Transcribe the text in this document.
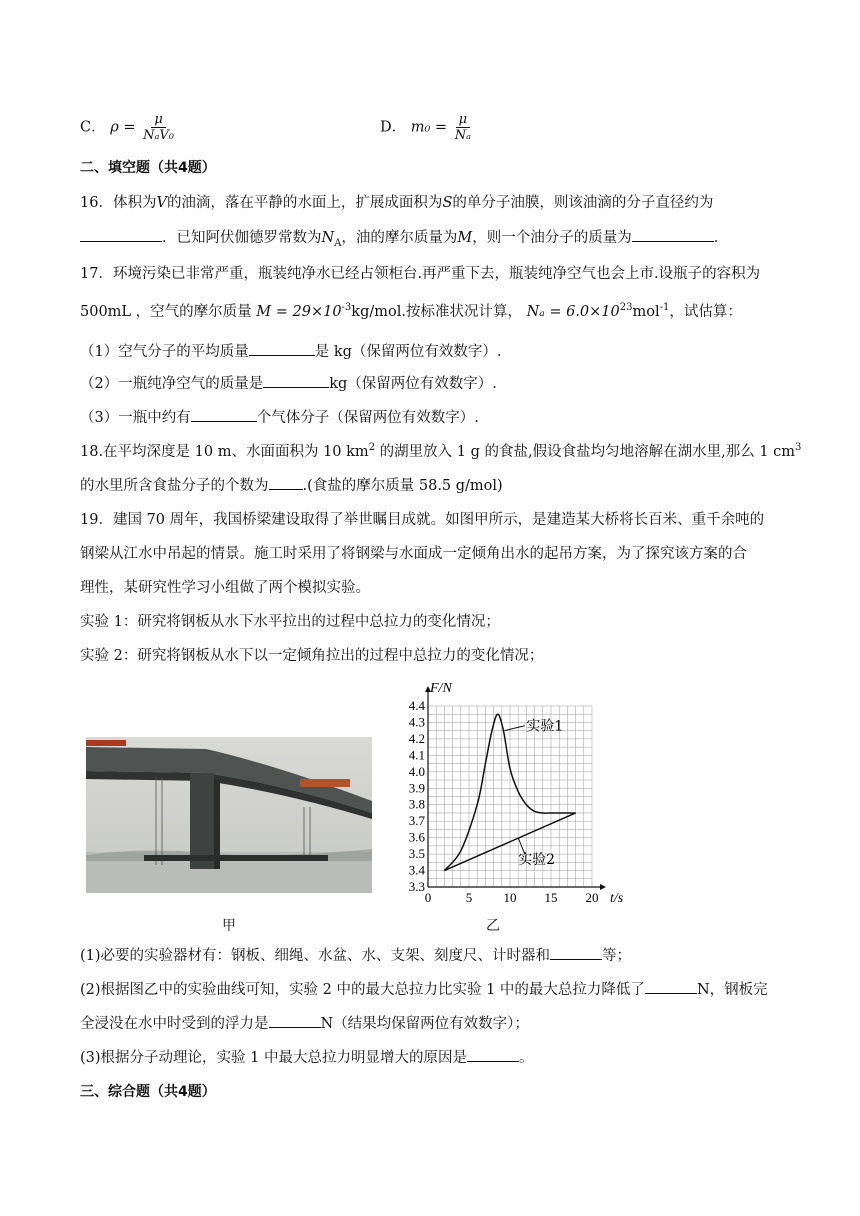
C． $\rho = \frac{\mu}{\text{NₐV₀}}$	D． $m_0 = \frac{\mu}{\text{Nₐ}}$
二、填空题（共4题）
16．体积为V的油滴，落在平静的水面上，扩展成面积为S的单分子油膜，则该油滴的分子直径约为
．已知阿伏伽德罗常数为$N_A$，油的摩尔质量为M，则一个油分子的质量为	．
17．环境污染已非常严重，瓶装纯净水已经占领柜台.再严重下去，瓶装纯净空气也会上市.设瓶子的容积为
500mL ，空气的摩尔质量 $M = 29\times 10^{-3}kg$/mol.按标准状况计算， $N_a = 6.0\times 10^{23}mol^{-1}$，试估算：
（1）空气分子的平均质量	是 kg（保留两位有效数字）.
（2）一瓶纯净空气的质量是	kg（保留两位有效数字）.
（3）一瓶中约有	个气体分子（保留两位有效数字）.
18.在平均深度是 10 m、水面面积为 10 $km^2$ 的湖里放入 1 g 的食盐,假设食盐均匀地溶解在湖水里,那么 1 $cm^3$
的水里所含食盐分子的个数为 .(食盐的摩尔质量 58.5 g/mol)
19．建国 70 周年，我国桥梁建设取得了举世瞩目成就。如图甲所示，是建造某大桥将长百米、重千余吨的
钢梁从江水中吊起的情景。施工时采用了将钢梁与水面成一定倾角出水的起吊方案，为了探究该方案的合
理性，某研究性学习小组做了两个模拟实验。
实验 1：研究将钢板从水下水平拉出的过程中总拉力的变化情况；
实验 2：研究将钢板从水下以一定倾角拉出的过程中总拉力的变化情况；
甲
0	5 10 15 20
3.3
3.4
3.5
3.6
3.7
3.8
3.9
4.0
4.1
4.2
4.3
4.4
t/s
F/N
实验1
实验2
乙
(1)必要的实验器材有：钢板、细绳、水盆、水、支架、刻度尺、计时器和	等；
(2)根据图乙中的实验曲线可知，实验 2 中的最大总拉力比实验 1 中的最大总拉力降低了	N，钢板完
全浸没在水中时受到的浮力是	N（结果均保留两位有效数字）；
(3)根据分子动理论，实验 1 中最大总拉力明显增大的原因是	。
三、综合题（共4题）
